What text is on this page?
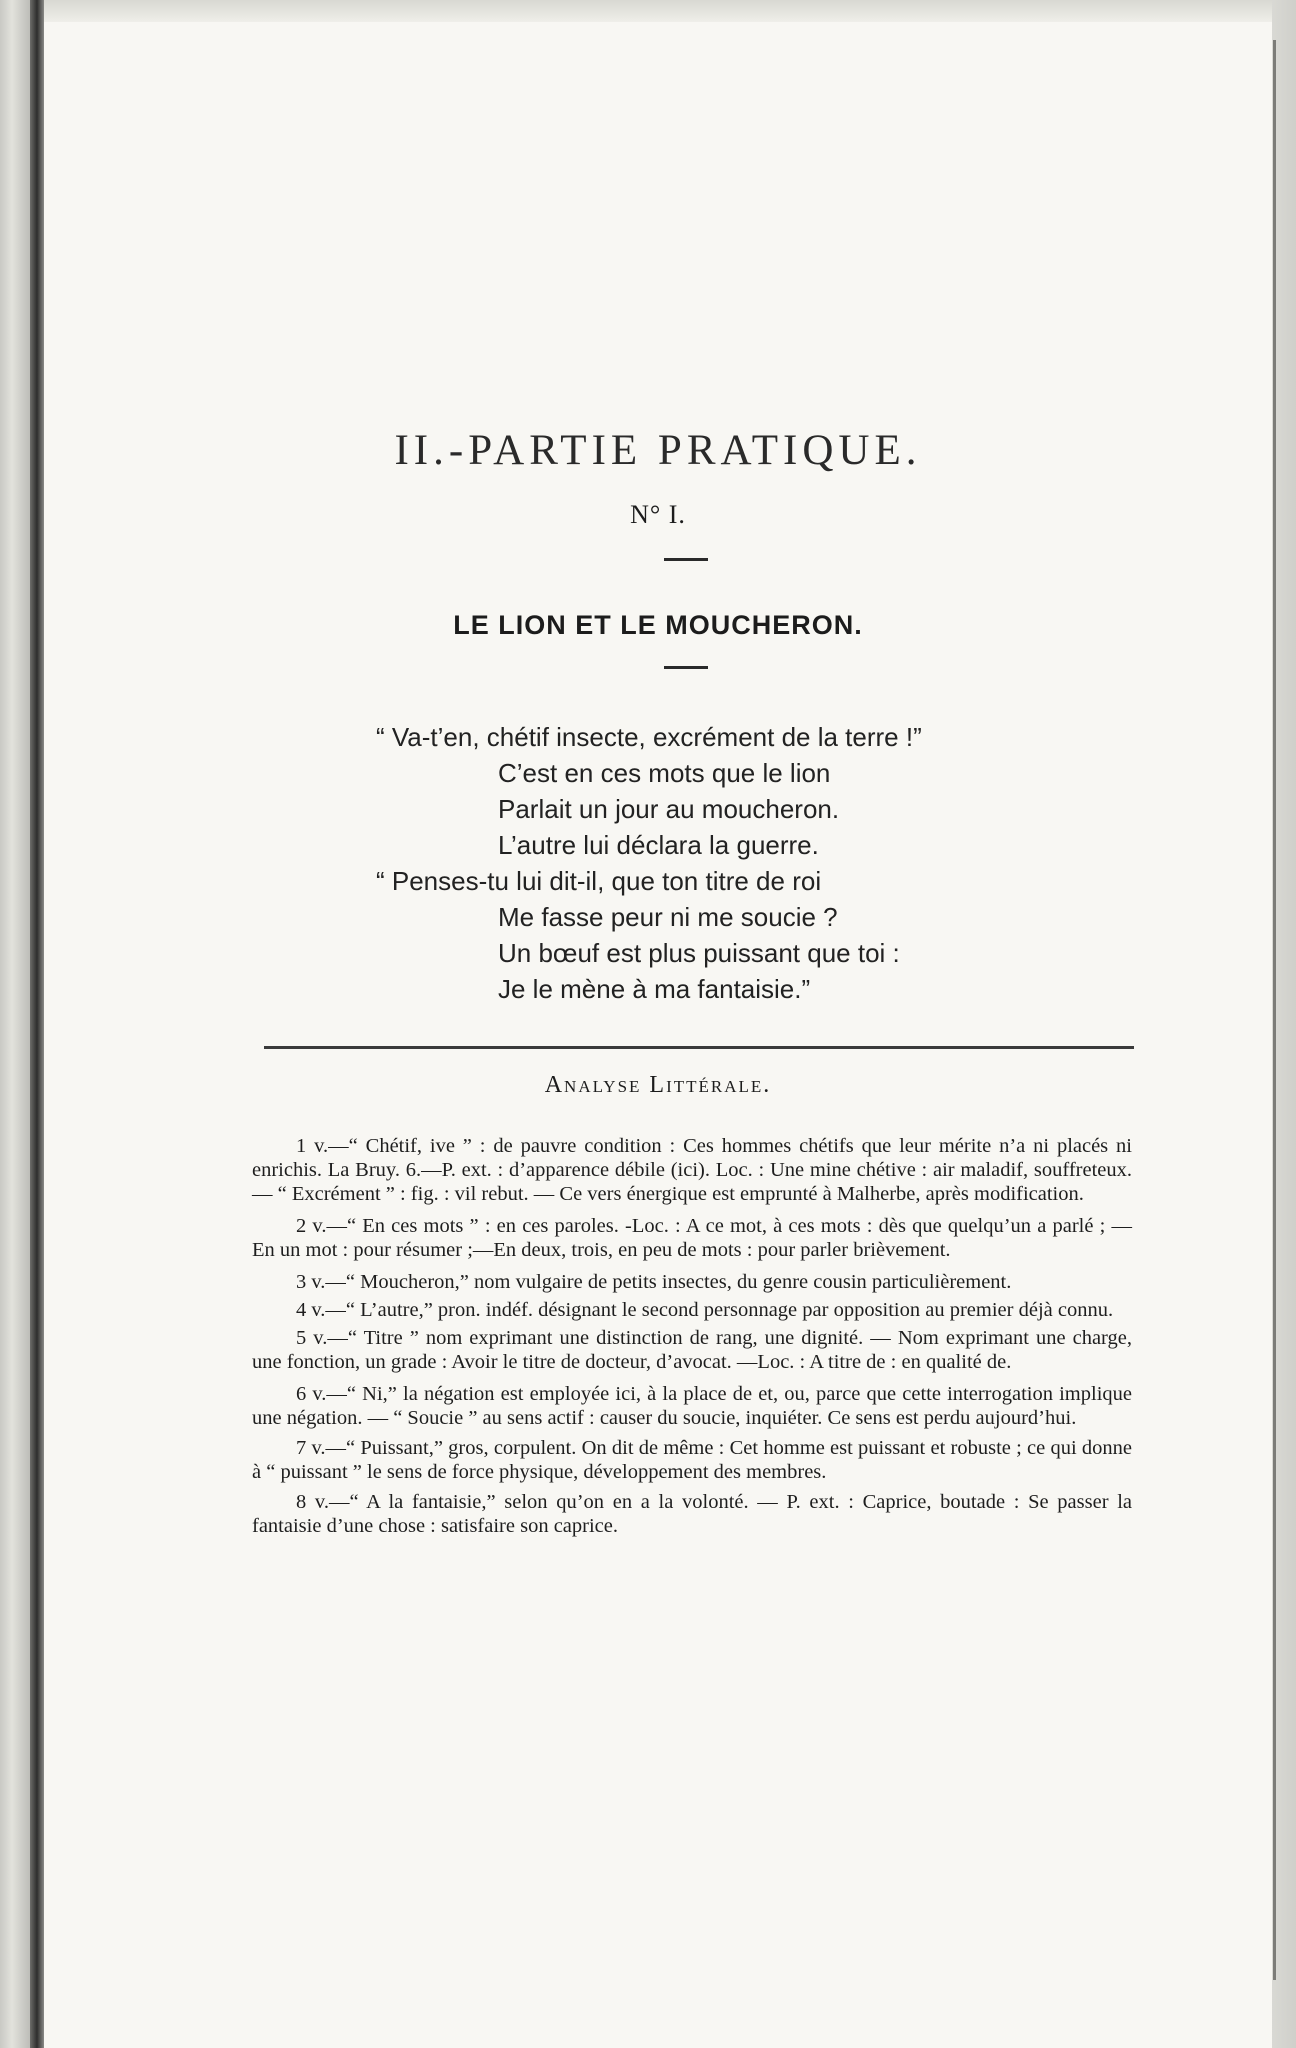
II.-PARTIE PRATIQUE.
N° I.
LE LION ET LE MOUCHERON.
“ Va-t’en, chétif insecte, excrément de la terre !”
C’est en ces mots que le lion
Parlait un jour au moucheron.
L’autre lui déclara la guerre.
“ Penses-tu lui dit-il, que ton titre de roi
Me fasse peur ni me soucie ?
Un bœuf est plus puissant que toi :
Je le mène à ma fantaisie.”
Analyse Littérale.

1 v.—“ Chétif, ive ” : de pauvre condition : Ces hommes chétifs que leur mérite n’a ni placés ni enrichis. La Bruy. 6.—P. ext. : d’apparence débile (ici). Loc. : Une mine chétive : air maladif, souffreteux. — “ Excrément ” : fig. : vil rebut. — Ce vers énergique est emprunté à Malherbe, après modification.

2 v.—“ En ces mots ” : en ces paroles. -Loc. : A ce mot, à ces mots : dès que quelqu’un a parlé ; — En un mot : pour résumer ;—En deux, trois, en peu de mots : pour parler brièvement.

3 v.—“ Moucheron,” nom vulgaire de petits insectes, du genre cousin particulièrement.

4 v.—“ L’autre,” pron. indéf. désignant le second personnage par opposition au premier déjà connu.

5 v.—“ Titre ” nom exprimant une distinction de rang, une dignité. — Nom exprimant une charge, une fonction, un grade : Avoir le titre de docteur, d’avocat. —Loc. : A titre de : en qualité de.

6 v.—“ Ni,” la négation est employée ici, à la place de et, ou, parce que cette interrogation implique une négation. — “ Soucie ” au sens actif : causer du soucie, inquiéter. Ce sens est perdu aujourd’hui.

7 v.—“ Puissant,” gros, corpulent. On dit de même : Cet homme est puissant et robuste ; ce qui donne à “ puissant ” le sens de force physique, développement des membres.

8 v.—“ A la fantaisie,” selon qu’on en a la volonté. — P. ext. : Caprice, boutade : Se passer la fantaisie d’une chose : satisfaire son caprice.
